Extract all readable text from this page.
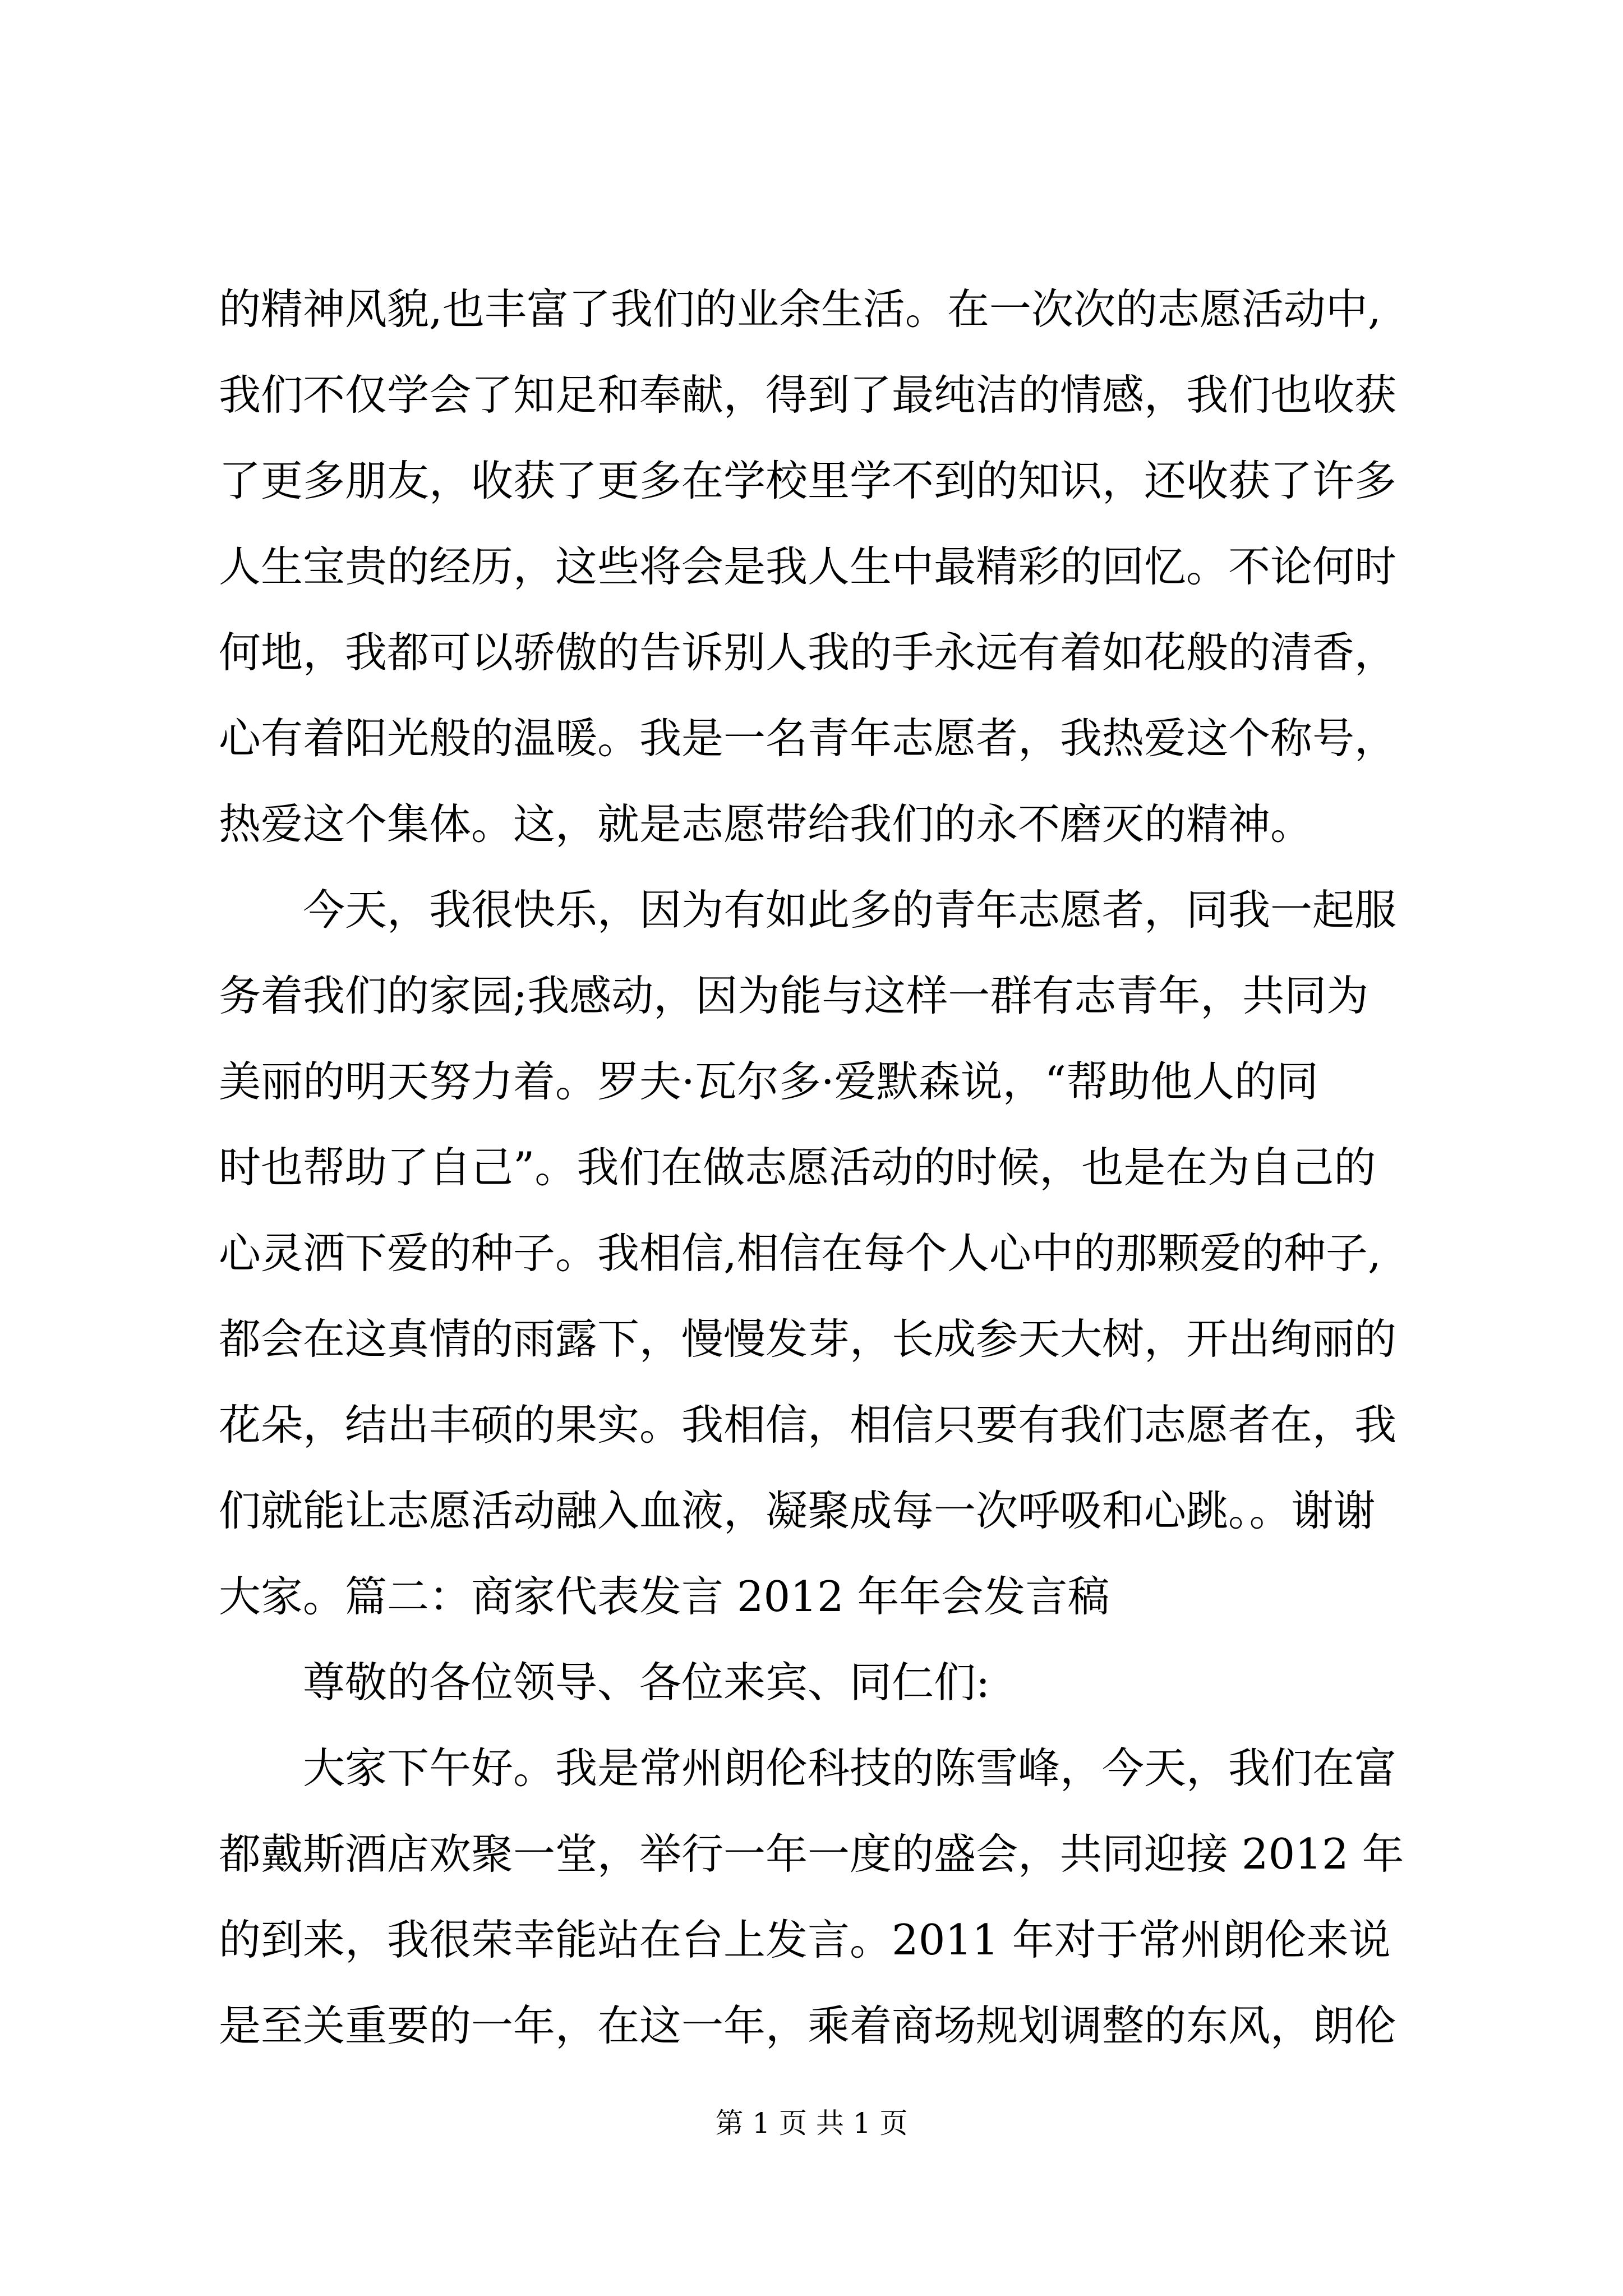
的精神风貌,也丰富了我们的业余生活。在一次次的志愿活动中,
我们不仅学会了知足和奉献，得到了最纯洁的情感，我们也收获
了更多朋友，收获了更多在学校里学不到的知识，还收获了许多
人生宝贵的经历，这些将会是我人生中最精彩的回忆。不论何时
何地，我都可以骄傲的告诉别人我的手永远有着如花般的清香，
心有着阳光般的温暖。我是一名青年志愿者，我热爱这个称号，
热爱这个集体。这，就是志愿带给我们的永不磨灭的精神。
　　今天，我很快乐，因为有如此多的青年志愿者，同我一起服
务着我们的家园;我感动，因为能与这样一群有志青年，共同为
美丽的明天努力着。罗夫·瓦尔多·爱默森说，“帮助他人的同
时也帮助了自己”。我们在做志愿活动的时候，也是在为自己的
心灵洒下爱的种子。我相信,相信在每个人心中的那颗爱的种子,
都会在这真情的雨露下，慢慢发芽，长成参天大树，开出绚丽的
花朵，结出丰硕的果实。我相信，相信只要有我们志愿者在，我
们就能让志愿活动融入血液，凝聚成每一次呼吸和心跳。。谢谢
大家。篇二：商家代表发言 2012 年年会发言稿
　　尊敬的各位领导、各位来宾、同仁们:
　　大家下午好。我是常州朗伦科技的陈雪峰，今天，我们在富
都戴斯酒店欢聚一堂，举行一年一度的盛会，共同迎接 2012 年
的到来，我很荣幸能站在台上发言。2011 年对于常州朗伦来说
是至关重要的一年，在这一年，乘着商场规划调整的东风，朗伦
第 1 页 共 1 页
